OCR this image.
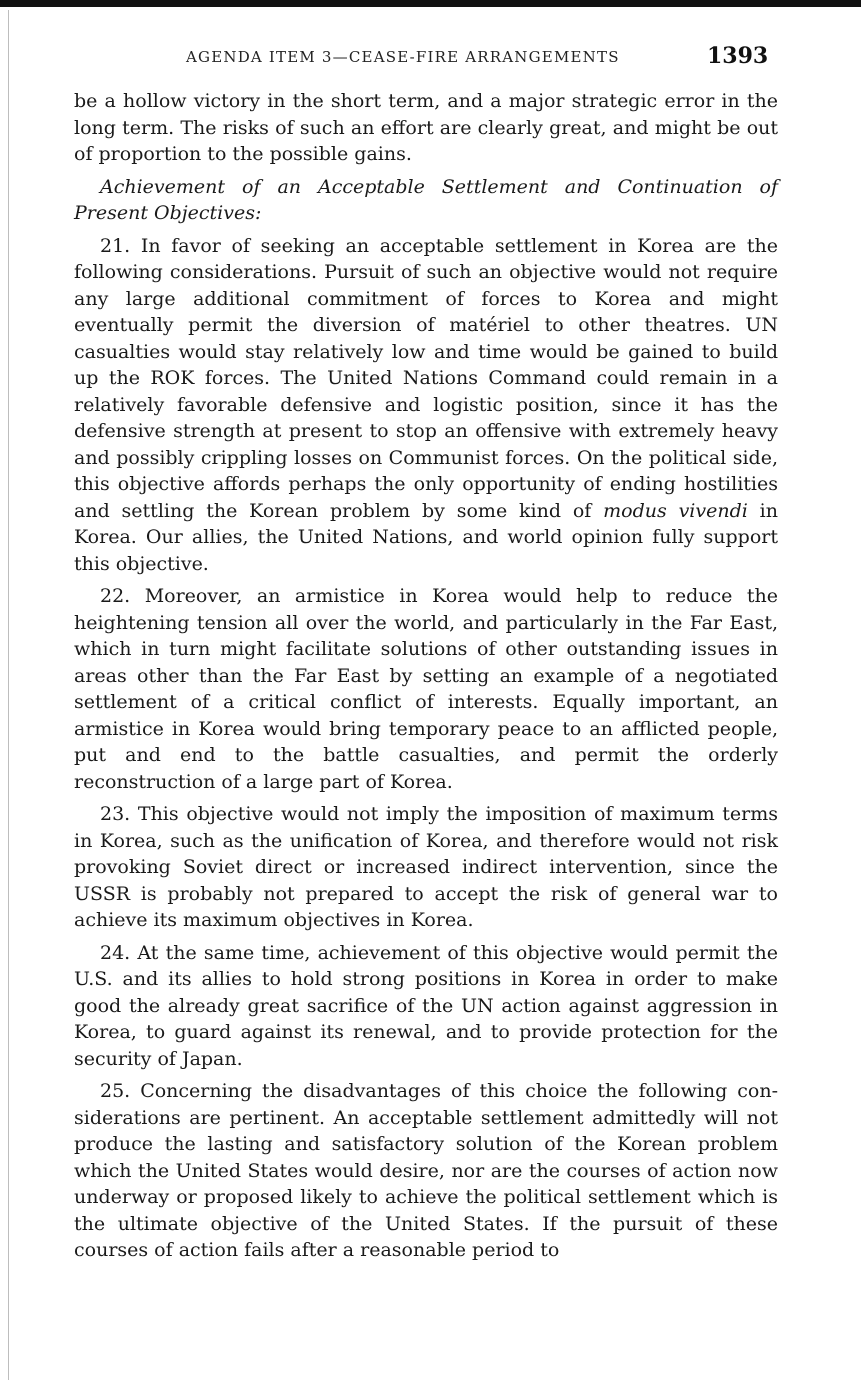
AGENDA ITEM 3—CEASE-FIRE ARRANGEMENTS	1393

be a hollow victory in the short term, and a major strategic error in the long term. The risks of such an effort are clearly great, and might be out of proportion to the possible gains.

Achievement of an Acceptable Settlement and Continuation of Present Objectives:

21. In favor of seeking an acceptable settlement in Korea are the following considerations. Pursuit of such an objective would not require any large additional commitment of forces to Korea and might eventually permit the diversion of matériel to other theatres. UN casualties would stay relatively low and time would be gained to build up the ROK forces. The United Nations Command could remain in a relatively favorable defensive and logistic position, since it has the defensive strength at present to stop an offensive with extremely heavy and possibly crippling losses on Communist forces. On the political side, this objective affords perhaps the only opportunity of ending hostilities and settling the Korean problem by some kind of modus vivendi in Korea. Our allies, the United Nations, and world opinion fully support this objective.

22. Moreover, an armistice in Korea would help to reduce the heightening tension all over the world, and particularly in the Far East, which in turn might facilitate solutions of other outstanding issues in areas other than the Far East by setting an example of a negotiated settlement of a critical conflict of interests. Equally important, an armistice in Korea would bring temporary peace to an afflicted people, put and end to the battle casualties, and permit the orderly reconstruction of a large part of Korea.

23. This objective would not imply the imposition of maximum terms in Korea, such as the unification of Korea, and therefore would not risk provoking Soviet direct or increased indirect intervention, since the USSR is probably not prepared to accept the risk of general war to achieve its maximum objectives in Korea.

24. At the same time, achievement of this objective would permit the U.S. and its allies to hold strong positions in Korea in order to make good the already great sacrifice of the UN action against aggression in Korea, to guard against its renewal, and to provide protection for the security of Japan.

25. Concerning the disadvantages of this choice the following considerations are pertinent. An acceptable settlement admittedly will not produce the lasting and satisfactory solution of the Korean problem which the United States would desire, nor are the courses of action now underway or proposed likely to achieve the political settlement which is the ultimate objective of the United States. If the pursuit of these courses of action fails after a reasonable period to
